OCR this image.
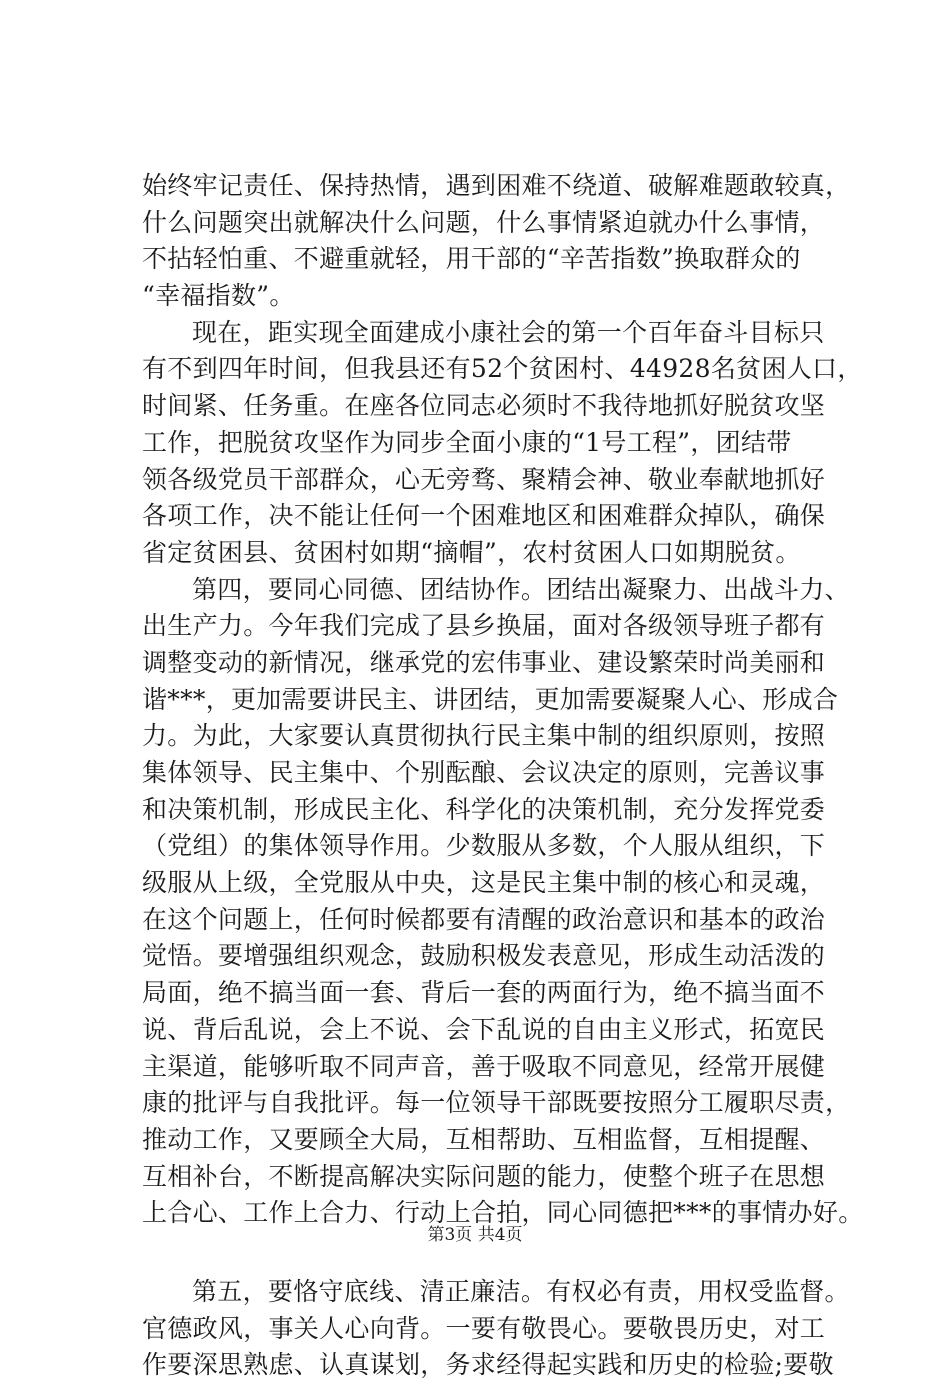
始终牢记责任、保持热情，遇到困难不绕道、破解难题敢较真，
什么问题突出就解决什么问题，什么事情紧迫就办什么事情，
不拈轻怕重、不避重就轻，用干部的“辛苦指数”换取群众的
“幸福指数”。
现在，距实现全面建成小康社会的第一个百年奋斗目标只
有不到四年时间，但我县还有52个贫困村、44928名贫困人口，
时间紧、任务重。在座各位同志必须时不我待地抓好脱贫攻坚
工作，把脱贫攻坚作为同步全面小康的“1号工程”，团结带
领各级党员干部群众，心无旁骛、聚精会神、敬业奉献地抓好
各项工作，决不能让任何一个困难地区和困难群众掉队，确保
省定贫困县、贫困村如期“摘帽”，农村贫困人口如期脱贫。
第四，要同心同德、团结协作。团结出凝聚力、出战斗力、
出生产力。今年我们完成了县乡换届，面对各级领导班子都有
调整变动的新情况，继承党的宏伟事业、建设繁荣时尚美丽和
谐***，更加需要讲民主、讲团结，更加需要凝聚人心、形成合
力。为此，大家要认真贯彻执行民主集中制的组织原则，按照
集体领导、民主集中、个别酝酿、会议决定的原则，完善议事
和决策机制，形成民主化、科学化的决策机制，充分发挥党委
（党组）的集体领导作用。少数服从多数，个人服从组织，下
级服从上级，全党服从中央，这是民主集中制的核心和灵魂，
在这个问题上，任何时候都要有清醒的政治意识和基本的政治
觉悟。要增强组织观念，鼓励积极发表意见，形成生动活泼的
局面，绝不搞当面一套、背后一套的两面行为，绝不搞当面不
说、背后乱说，会上不说、会下乱说的自由主义形式，拓宽民
主渠道，能够听取不同声音，善于吸取不同意见，经常开展健
康的批评与自我批评。每一位领导干部既要按照分工履职尽责，
推动工作，又要顾全大局，互相帮助、互相监督，互相提醒、
互相补台，不断提高解决实际问题的能力，使整个班子在思想
上合心、工作上合力、行动上合拍，同心同德把***的事情办好。
第五，要恪守底线、清正廉洁。有权必有责，用权受监督。
官德政风，事关人心向背。一要有敬畏心。要敬畏历史，对工
作要深思熟虑、认真谋划，务求经得起实践和历史的检验;要敬
第3页 共4页
